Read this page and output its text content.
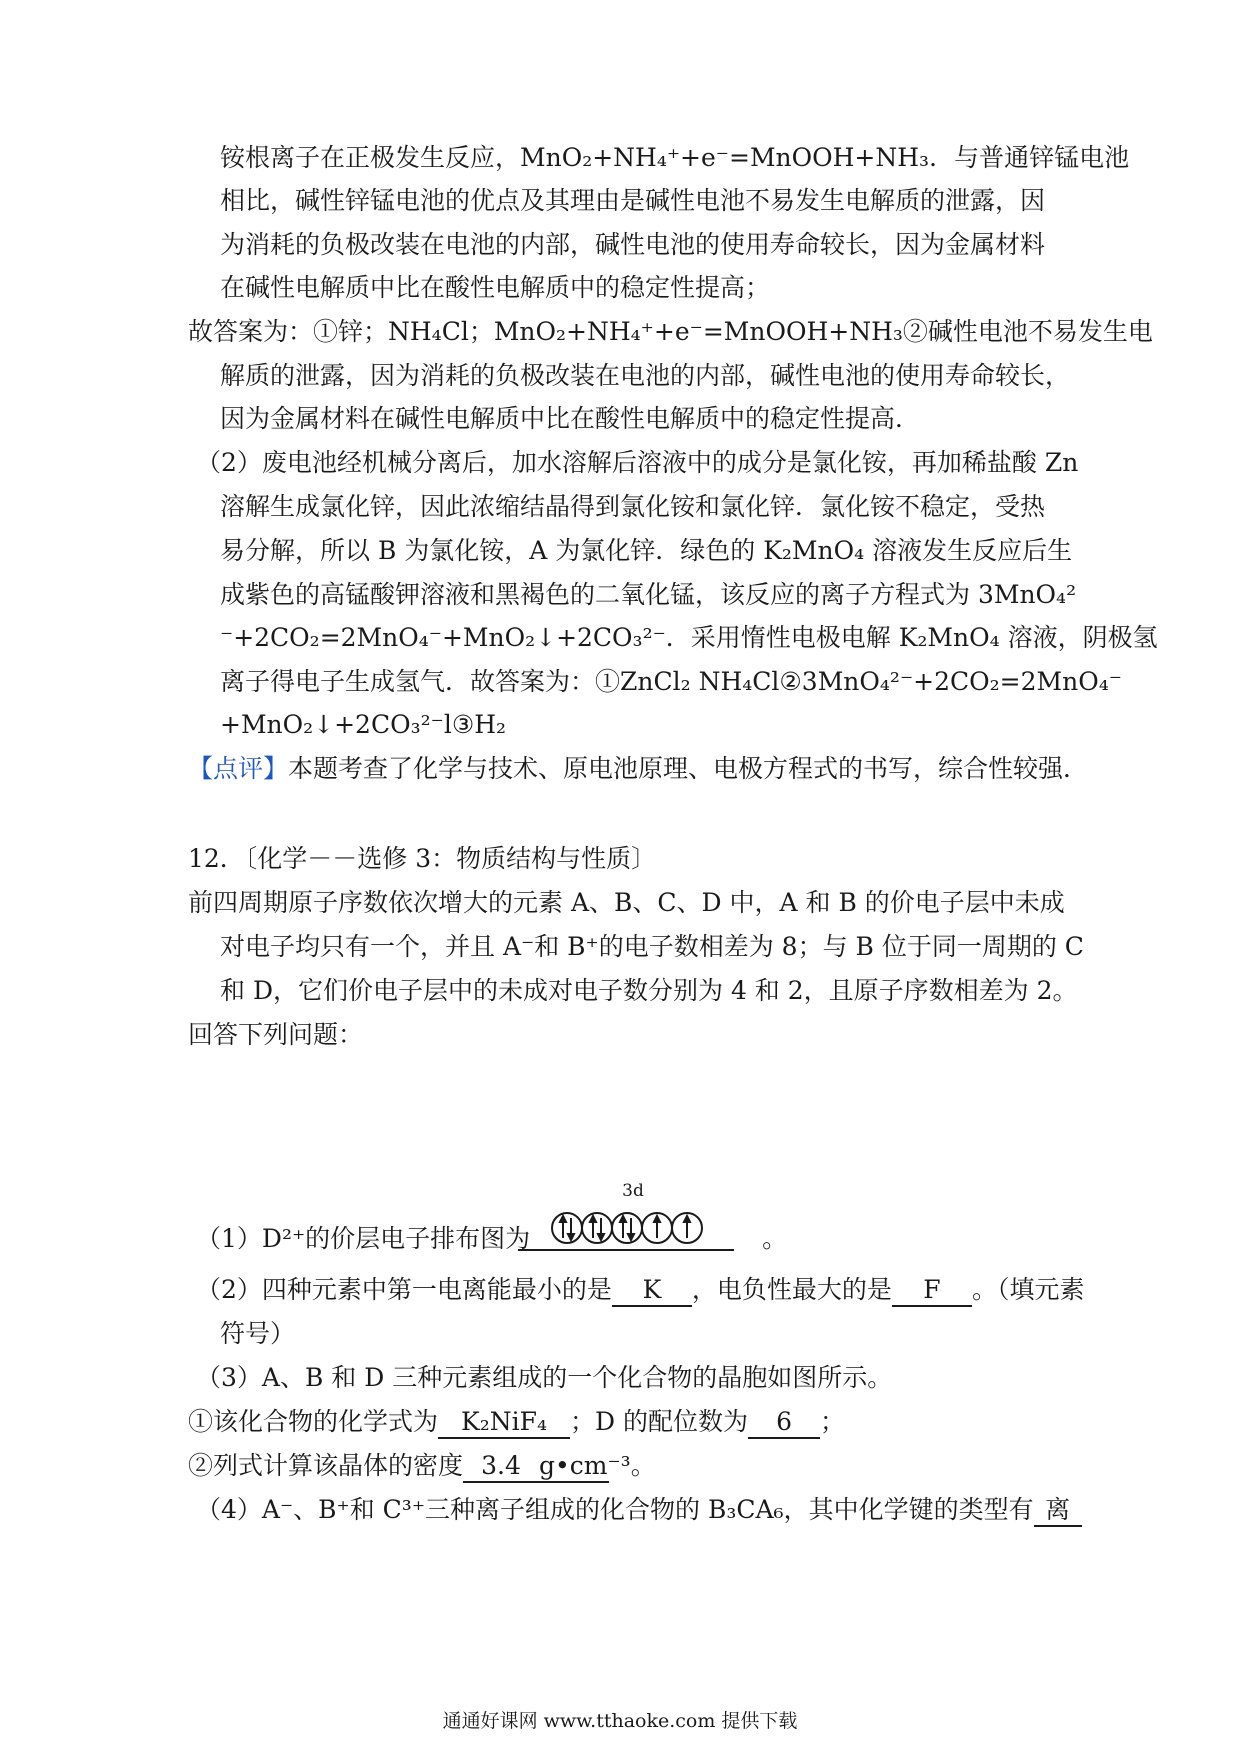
铵根离子在正极发生反应，MnO₂+NH₄⁺+e⁻=MnOOH+NH₃．与普通锌锰电池
相比，碱性锌锰电池的优点及其理由是碱性电池不易发生电解质的泄露，因
为消耗的负极改装在电池的内部，碱性电池的使用寿命较长，因为金属材料
在碱性电解质中比在酸性电解质中的稳定性提高；
故答案为：①锌；NH₄Cl；MnO₂+NH₄⁺+e⁻=MnOOH+NH₃②碱性电池不易发生电
解质的泄露，因为消耗的负极改装在电池的内部，碱性电池的使用寿命较长，
因为金属材料在碱性电解质中比在酸性电解质中的稳定性提高．
（2）废电池经机械分离后，加水溶解后溶液中的成分是氯化铵，再加稀盐酸 Zn
溶解生成氯化锌，因此浓缩结晶得到氯化铵和氯化锌．氯化铵不稳定，受热
易分解，所以 B 为氯化铵，A 为氯化锌．绿色的 K₂MnO₄ 溶液发生反应后生
成紫色的高锰酸钾溶液和黑褐色的二氧化锰，该反应的离子方程式为 3MnO₄²
⁻+2CO₂=2MnO₄⁻+MnO₂↓+2CO₃²⁻．采用惰性电极电解 K₂MnO₄ 溶液，阴极氢
离子得电子生成氢气．故答案为：①ZnCl₂ NH₄Cl②3MnO₄²⁻+2CO₂=2MnO₄⁻
+MnO₂↓+2CO₃²⁻l③H₂
【点评】本题考查了化学与技术、原电池原理、电极方程式的书写，综合性较强．
12．〔化学－－选修 3：物质结构与性质〕
前四周期原子序数依次增大的元素 A、B、C、D 中，A 和 B 的价电子层中未成
对电子均只有一个，并且 A⁻和 B⁺的电子数相差为 8；与 B 位于同一周期的 C
和 D，它们价电子层中的未成对电子数分别为 4 和 2，且原子序数相差为 2。
回答下列问题：
3d
（1）D²⁺的价层电子排布图为	。
（2）四种元素中第一电离能最小的是 K ，电负性最大的是 F 。（填元素
符号）
（3）A、B 和 D 三种元素组成的一个化合物的晶胞如图所示。
①该化合物的化学式为 K₂NiF₄ ；D 的配位数为 6 ；
②列式计算该晶体的密度 3.4 g•cm⁻³。
（4）A⁻、B⁺和 C³⁺三种离子组成的化合物的 B₃CA₆，其中化学键的类型有 离
通通好课网 www.tthaoke.com 提供下载
